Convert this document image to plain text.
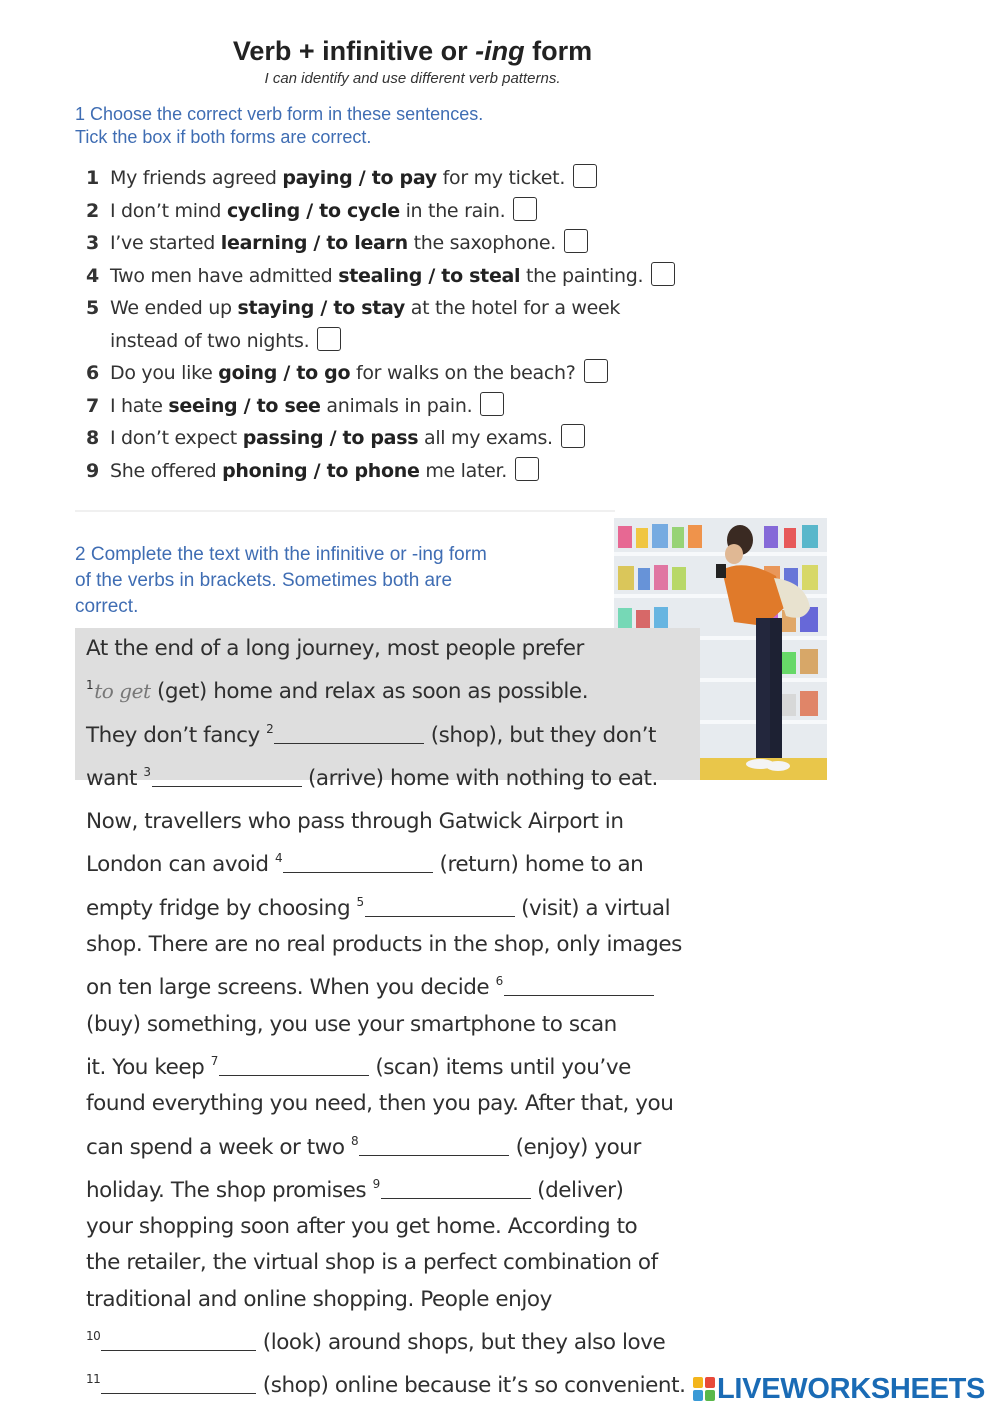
Verb + infinitive or -ing form
I can identify and use different verb patterns.
1 Choose the correct verb form in these sentences.
Tick the box if both forms are correct.
1 My friends agreed paying / to pay for my ticket.
2 I don’t mind cycling / to cycle in the rain.
3 I’ve started learning / to learn the saxophone.
4 Two men have admitted stealing / to steal the painting.
5 We ended up staying / to stay at the hotel for a week
instead of two nights.
6 Do you like going / to go for walks on the beach?
7 I hate seeing / to see animals in pain.
8 I don’t expect passing / to pass all my exams.
9 She offered phoning / to phone me later.
2 Complete the text with the infinitive or -ing form
of the verbs in brackets. Sometimes both are
correct.

At the end of a long journey, most people prefer

$^1$to get (get) home and relax as soon as possible.

They don’t fancy $^2$	(shop), but they don’t

want $^3$	(arrive) home with nothing to eat.

Now, travellers who pass through Gatwick Airport in

London can avoid $^4$	(return) home to an

empty fridge by choosing $^5$	(visit) a virtual

shop. There are no real products in the shop, only images

on ten large screens. When you decide $^6$

(buy) something, you use your smartphone to scan

it. You keep $^7$	(scan) items until you’ve

found everything you need, then you pay. After that, you

can spend a week or two $^8$	(enjoy) your

holiday. The shop promises $^9$	(deliver)

your shopping soon after you get home. According to

the retailer, the virtual shop is a perfect combination of

traditional and online shopping. People enjoy

$^{10}$	(look) around shops, but they also love

$^{11}$	(shop) online because it’s so convenient.	LIVEWORKSHEETS
